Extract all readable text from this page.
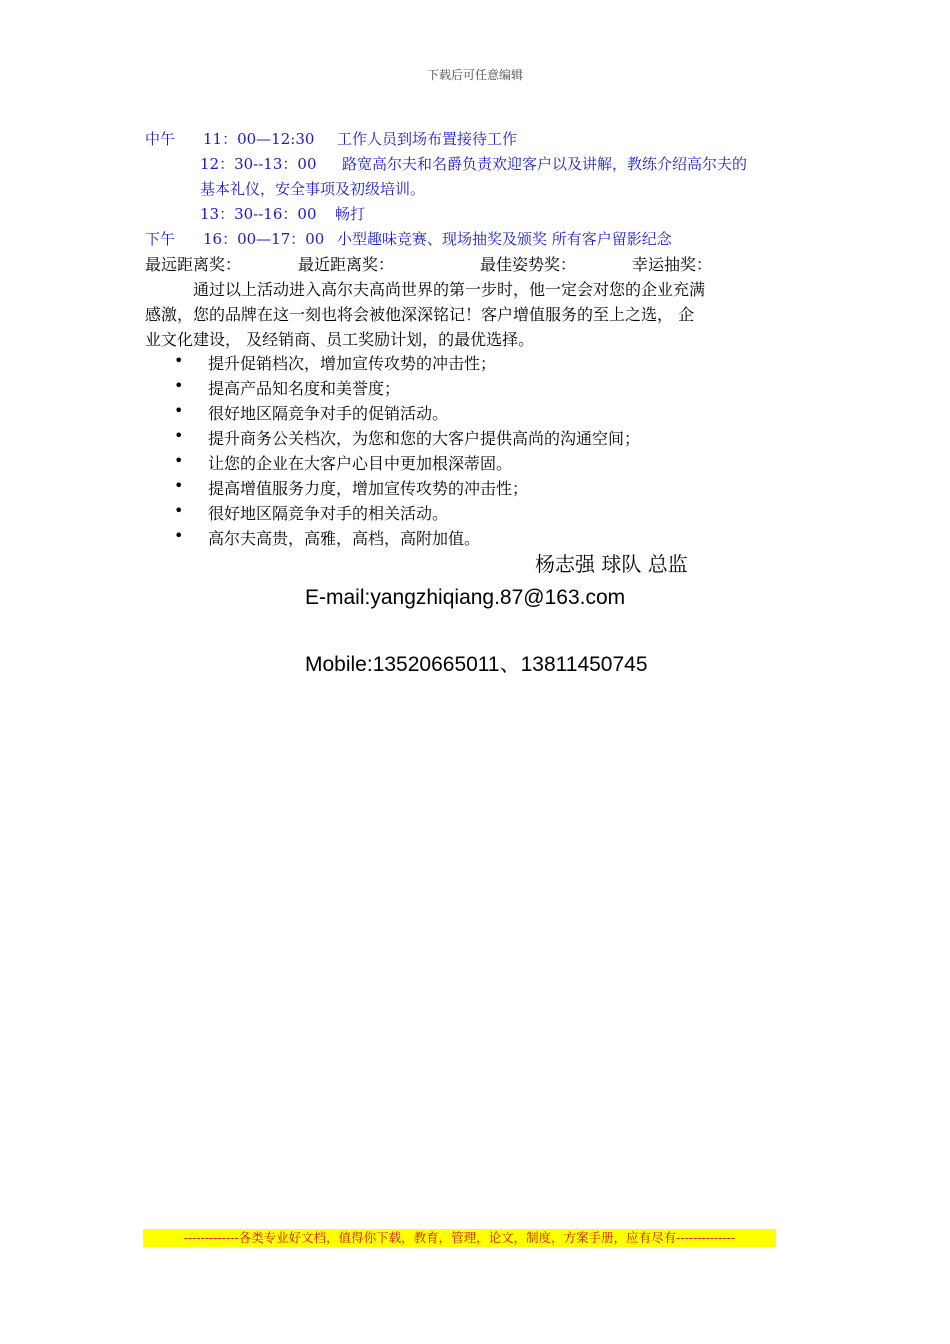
下载后可任意编辑
中午 11：00—12:30 工作人员到场布置接待工作
12：30--13：00 路宽高尔夫和名爵负责欢迎客户以及讲解，教练介绍高尔夫的
基本礼仪，安全事项及初级培训。
13：30--16：00 畅打
下午 16：00—17：00 小型趣味竞赛、现场抽奖及颁奖 所有客户留影纪念
最远距离奖：	最近距离奖：	最佳姿势奖：	幸运抽奖：
通过以上活动进入高尔夫高尚世界的第一步时，他一定会对您的企业充满
感激，您的品牌在这一刻也将会被他深深铭记！客户增值服务的至上之选， 企
业文化建设， 及经销商、员工奖励计划，的最优选择。
• 提升促销档次，增加宣传攻势的冲击性；
• 提高产品知名度和美誉度；
• 很好地区隔竞争对手的促销活动。
• 提升商务公关档次，为您和您的大客户提供高尚的沟通空间；
• 让您的企业在大客户心目中更加根深蒂固。
• 提高增值服务力度，增加宣传攻势的冲击性；
• 很好地区隔竞争对手的相关活动。
• 高尔夫高贵，高雅，高档，高附加值。
杨志强 球队 总监
E-mail:yangzhiqiang.87@163.com
Mobile:13520665011、13811450745
-------------各类专业好文档，值得你下载，教育，管理，论文，制度，方案手册，应有尽有--------------
